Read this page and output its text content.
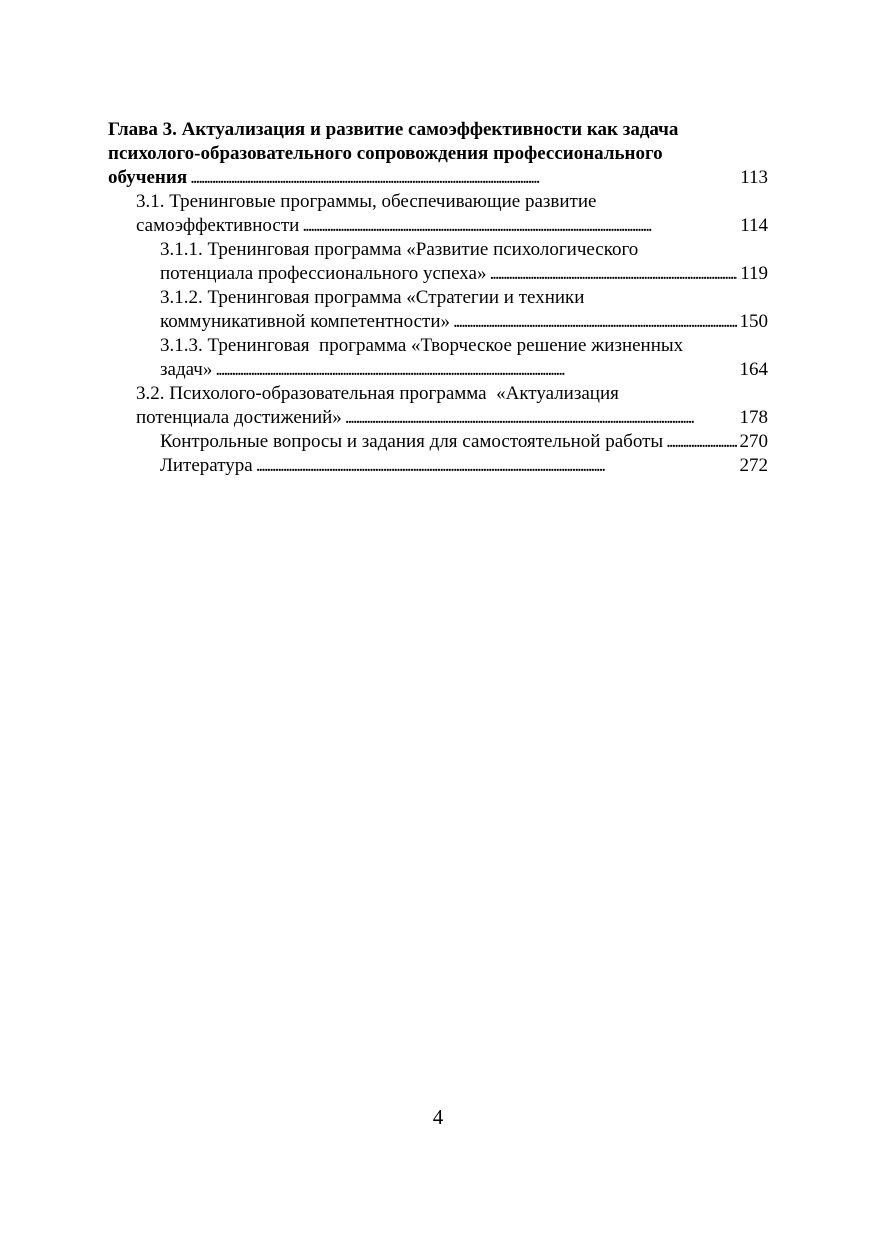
Глава 3. Актуализация и развитие самоэффективности как задача
психолого-образовательного сопровождения профессионального
обучения . . .	113
3.1. Тренинговые программы, обеспечивающие развитие
самоэффективности . . .	114
3.1.1. Тренинговая программа «Развитие психологического
потенциала профессионального успеха» . . .	119
3.1.2. Тренинговая программа «Стратегии и техники
коммуникативной компетентности» . . .	150
3.1.3. Тренинговая  программа «Творческое решение жизненных
задач» . . .	164
3.2. Психолого-образовательная программа  «Актуализация
потенциала достижений» . . .	178
Контрольные вопросы и задания для самостоятельной работы . . .	270
Литература . . .	272
4
